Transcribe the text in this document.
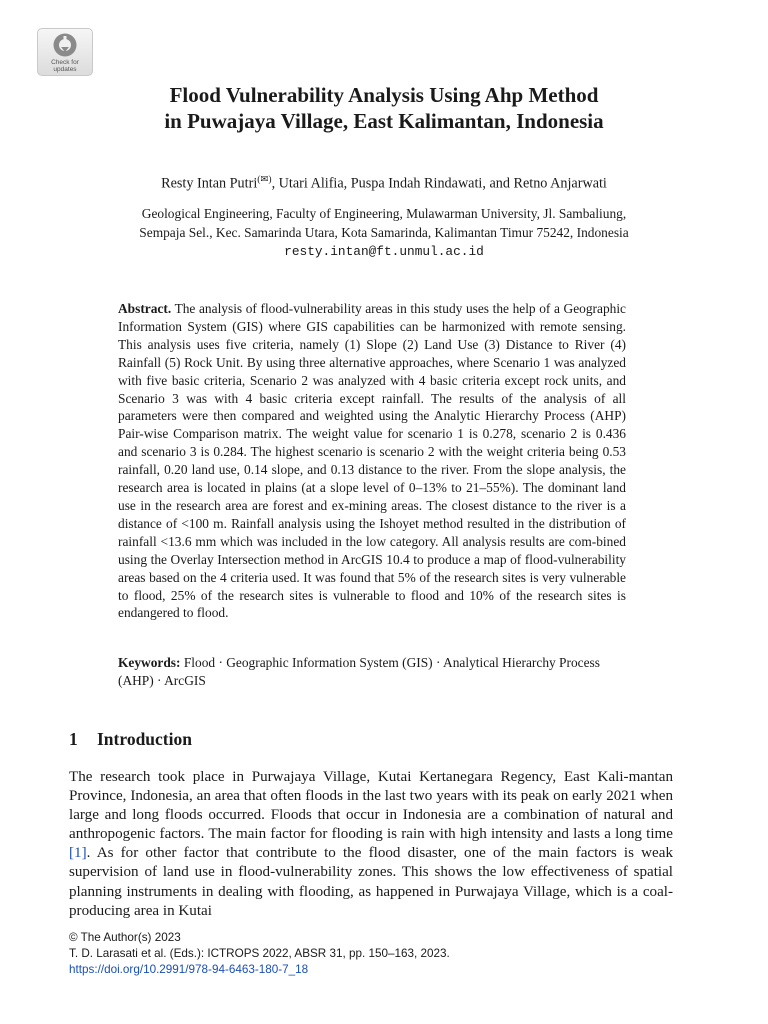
Check for
updates
Flood Vulnerability Analysis Using Ahp Method
in Puwajaya Village, East Kalimantan, Indonesia
Resty Intan Putri(✉), Utari Alifia, Puspa Indah Rindawati, and Retno Anjarwati
Geological Engineering, Faculty of Engineering, Mulawarman University, Jl. Sambaliung,
Sempaja Sel., Kec. Samarinda Utara, Kota Samarinda, Kalimantan Timur 75242, Indonesia
resty.intan@ft.unmul.ac.id

Abstract. The analysis of flood-vulnerability areas in this study uses the help of a Geographic Information System (GIS) where GIS capabilities can be harmonized with remote sensing. This analysis uses five criteria, namely (1) Slope (2) Land Use (3) Distance to River (4) Rainfall (5) Rock Unit. By using three alternative approaches, where Scenario 1 was analyzed with five basic criteria, Scenario 2 was analyzed with 4 basic criteria except rock units, and Scenario 3 was with 4 basic criteria except rainfall. The results of the analysis of all parameters were then compared and weighted using the Analytic Hierarchy Process (AHP) Pair-wise Comparison matrix. The weight value for scenario 1 is 0.278, scenario 2 is 0.436 and scenario 3 is 0.284. The highest scenario is scenario 2 with the weight criteria being 0.53 rainfall, 0.20 land use, 0.14 slope, and 0.13 distance to the river. From the slope analysis, the research area is located in plains (at a slope level of 0–13% to 21–55%). The dominant land use in the research area are forest and ex-mining areas. The closest distance to the river is a distance of <100 m. Rainfall analysis using the Ishoyet method resulted in the distribution of rainfall <13.6 mm which was included in the low category. All analysis results are com-bined using the Overlay Intersection method in ArcGIS 10.4 to produce a map of flood-vulnerability areas based on the 4 criteria used. It was found that 5% of the research sites is very vulnerable to flood, 25% of the research sites is vulnerable to flood and 10% of the research sites is endangered to flood.

Keywords: Flood · Geographic Information System (GIS) · Analytical Hierarchy Process (AHP) · ArcGIS

1 Introduction

The research took place in Purwajaya Village, Kutai Kertanegara Regency, East Kali-mantan Province, Indonesia, an area that often floods in the last two years with its peak on early 2021 when large and long floods occurred. Floods that occur in Indonesia are a combination of natural and anthropogenic factors. The main factor for flooding is rain with high intensity and lasts a long time [1]. As for other factor that contribute to the flood disaster, one of the main factors is weak supervision of land use in flood-vulnerability zones. This shows the low effectiveness of spatial planning instruments in dealing with flooding, as happened in Purwajaya Village, which is a coal-producing area in Kutai

© The Author(s) 2023
T. D. Larasati et al. (Eds.): ICTROPS 2022, ABSR 31, pp. 150–163, 2023.
https://doi.org/10.2991/978-94-6463-180-7_18
